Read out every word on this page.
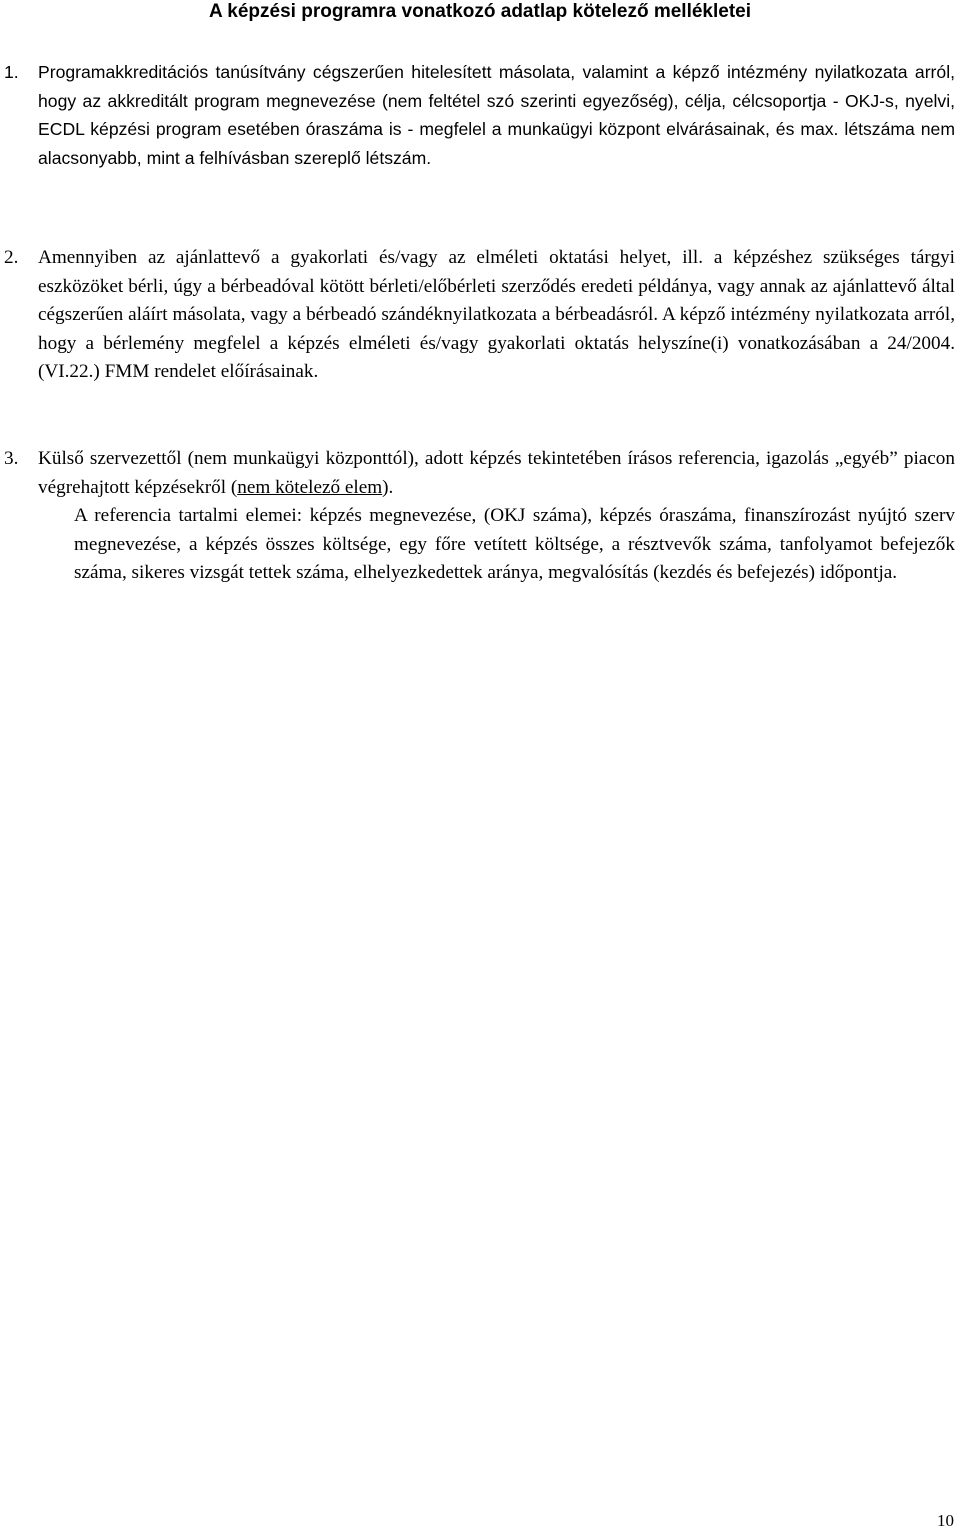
A képzési programra vonatkozó adatlap kötelező mellékletei
1.	Programakkreditációs tanúsítvány cégszerűen hitelesített másolata, valamint a képző intézmény nyilatkozata arról, hogy az akkreditált program megnevezése (nem feltétel szó szerinti egyezőség), célja, célcsoportja - OKJ-s, nyelvi, ECDL képzési program esetében óraszáma is - megfelel a munkaügyi központ elvárásainak, és max. létszáma nem alacsonyabb, mint a felhívásban szereplő létszám.

2.	Amennyiben az ajánlattevő a gyakorlati és/vagy az elméleti oktatási helyet, ill. a képzéshez szükséges tárgyi eszközöket bérli, úgy a bérbeadóval kötött bérleti/előbérleti szerződés eredeti példánya, vagy annak az ajánlattevő által cégszerűen aláírt másolata, vagy a bérbeadó szándéknyilatkozata a bérbeadásról. A képző intézmény nyilatkozata arról, hogy a bérlemény megfelel a képzés elméleti és/vagy gyakorlati oktatás helyszíne(i) vonatkozásában a 24/2004. (VI.22.) FMM rendelet előírásainak.

3.	Külső szervezettől (nem munkaügyi központtól), adott képzés tekintetében írásos referencia, igazolás „egyéb” piacon végrehajtott képzésekről (nem kötelező elem).

A referencia tartalmi elemei: képzés megnevezése, (OKJ száma), képzés óraszáma, finanszírozást nyújtó szerv megnevezése, a képzés összes költsége, egy főre vetített költsége, a résztvevők száma, tanfolyamot befejezők száma, sikeres vizsgát tettek száma, elhelyezkedettek aránya, megvalósítás (kezdés és befejezés) időpontja.
10
